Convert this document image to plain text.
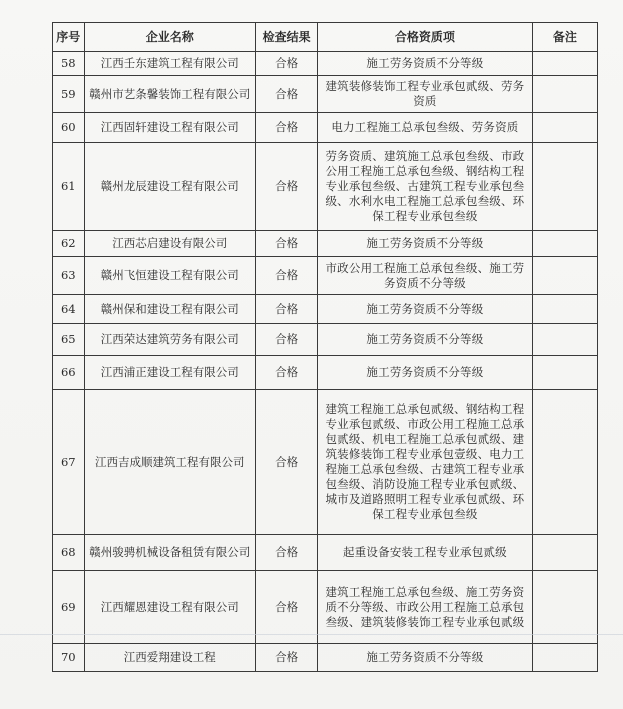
序号	企业名称	检查结果	合格资质项	备注
58	江西壬东建筑工程有限公司	合格	施工劳务资质不分等级	
59	赣州市艺条馨装饰工程有限公司	合格	建筑装修装饰工程专业承包贰级、劳务资质	
60	江西固轩建设工程有限公司	合格	电力工程施工总承包叁级、劳务资质	
61	赣州龙辰建设工程有限公司	合格	劳务资质、建筑施工总承包叁级、市政公用工程施工总承包叁级、钢结构工程专业承包叁级、古建筑工程专业承包叁级、水利水电工程施工总承包叁级、环保工程专业承包叁级	
62	江西芯启建设有限公司	合格	施工劳务资质不分等级	
63	赣州飞恒建设工程有限公司	合格	市政公用工程施工总承包叁级、施工劳务资质不分等级	
64	赣州保和建设工程有限公司	合格	施工劳务资质不分等级	
65	江西荣达建筑劳务有限公司	合格	施工劳务资质不分等级	
66	江西浦正建设工程有限公司	合格	施工劳务资质不分等级	
67	江西吉成顺建筑工程有限公司	合格	建筑工程施工总承包贰级、钢结构工程专业承包贰级、市政公用工程施工总承包贰级、机电工程施工总承包贰级、建筑装修装饰工程专业承包壹级、电力工程施工总承包叁级、古建筑工程专业承包叁级、消防设施工程专业承包贰级、城市及道路照明工程专业承包贰级、环保工程专业承包叁级	
68	赣州骏骋机械设备租赁有限公司	合格	起重设备安装工程专业承包贰级	
69	江西耀恩建设工程有限公司	合格	建筑工程施工总承包叁级、施工劳务资质不分等级、市政公用工程施工总承包叁级、建筑装修装饰工程专业承包贰级	
70	江西爱翔建设工程	合格	施工劳务资质不分等级	
